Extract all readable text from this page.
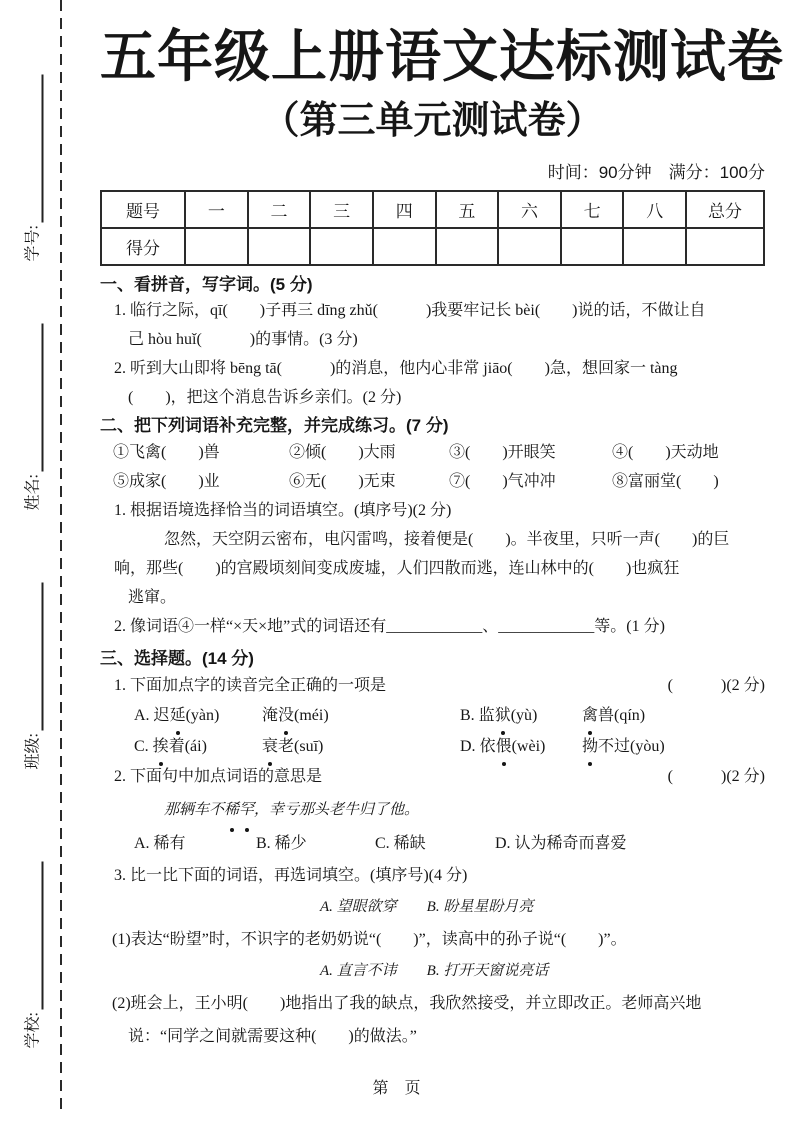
学号:
姓名:
班级:
学校:
五年级上册语文达标测试卷
（第三单元测试卷）
时间：90分钟　满分：100分
题号	一	二	三	四	五	六	七	八	总分
得分									
一、看拼音，写字词。(5 分)
1. 临行之际，qī(　　)子再三 dīng zhǔ(　　　)我要牢记长 bèi(　　)说的话，不做让自
己 hòu huǐ(　　　)的事情。(3 分)
2. 听到大山即将 bēng tā(　　　)的消息，他内心非常 jiāo(　　)急，想回家一 tàng
(　　)，把这个消息告诉乡亲们。(2 分)
二、把下列词语补充完整，并完成练习。(7 分)
①飞禽(　　)兽	②倾(　　)大雨	③(　　)开眼笑	④(　　)天动地
⑤成家(　　)业	⑥无(　　)无束	⑦(　　)气冲冲	⑧富丽堂(　　)
1. 根据语境选择恰当的词语填空。(填序号)(2 分)
忽然，天空阴云密布，电闪雷鸣，接着便是(　　)。半夜里，只听一声(　　)的巨
响，那些(　　)的宫殿顷刻间变成废墟，人们四散而逃，连山林中的(　　)也疯狂
逃窜。
2. 像词语④一样“×天×地”式的词语还有____________、____________等。(1 分)
三、选择题。(14 分)
1. 下面加点字的读音完全正确的一项是	(　　　)(2 分)
A. 迟延(yàn)	淹没(méi)	B. 监狱(yù)	禽兽(qín)
C. 挨着(ái)	衰老(suī)	D. 依偎(wèi)	拗不过(yòu)
2. 下面句中加点词语的意思是	(　　　)(2 分)
那辆车不稀罕，幸亏那头老牛归了他。
A. 稀有	B. 稀少	C. 稀缺	D. 认为稀奇而喜爱
3. 比一比下面的词语，再选词填空。(填序号)(4 分)
A. 望眼欲穿　　B. 盼星星盼月亮
(1)表达“盼望”时，不识字的老奶奶说“(　　)”，读高中的孙子说“(　　)”。
A. 直言不讳　　B. 打开天窗说亮话
(2)班会上，王小明(　　)地指出了我的缺点，我欣然接受，并立即改正。老师高兴地
说：“同学之间就需要这种(　　)的做法。”
第　页
